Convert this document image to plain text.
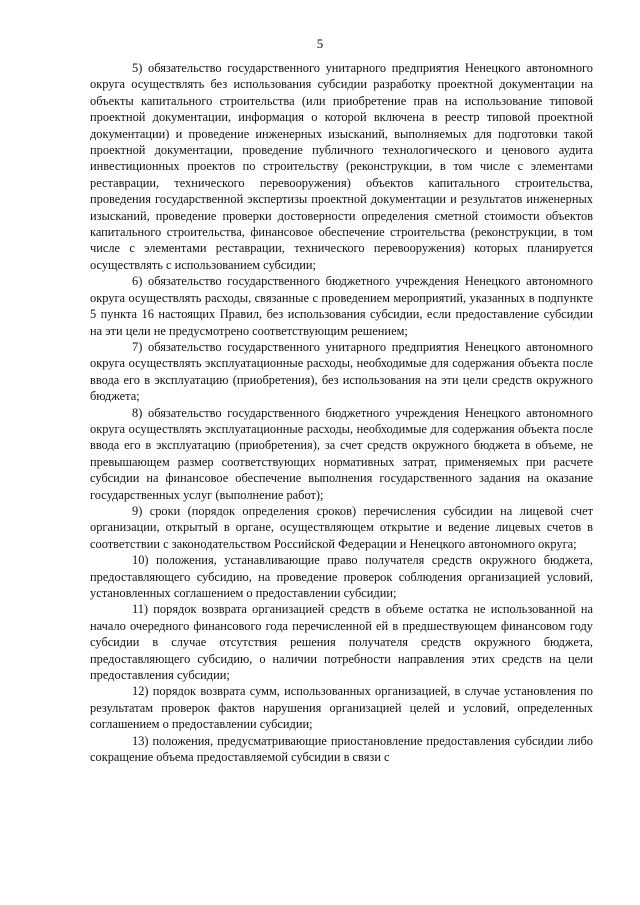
5

5) обязательство государственного унитарного предприятия Ненецкого автономного округа осуществлять без использования субсидии разработку проектной документации на объекты капитального строительства (или приобретение прав на использование типовой проектной документации, информация о которой включена в реестр типовой проектной документации) и проведение инженерных изысканий, выполняемых для подготовки такой проектной документации, проведение публичного технологического и ценового аудита инвестиционных проектов по строительству (реконструкции, в том числе с элементами реставрации, технического перевооружения) объектов капитального строительства, проведения государственной экспертизы проектной документации и результатов инженерных изысканий, проведение проверки достоверности определения сметной стоимости объектов капитального строительства, финансовое обеспечение строительства (реконструкции, в том числе с элементами реставрации, технического перевооружения) которых планируется осуществлять с использованием субсидии;

6) обязательство государственного бюджетного учреждения Ненецкого автономного округа осуществлять расходы, связанные с проведением мероприятий, указанных в подпункте 5 пункта 16 настоящих Правил, без использования субсидии, если предоставление субсидии на эти цели не предусмотрено соответствующим решением;

7) обязательство государственного унитарного предприятия Ненецкого автономного округа осуществлять эксплуатационные расходы, необходимые для содержания объекта после ввода его в эксплуатацию (приобретения), без использования на эти цели средств окружного бюджета;

8) обязательство государственного бюджетного учреждения Ненецкого автономного округа осуществлять эксплуатационные расходы, необходимые для содержания объекта после ввода его в эксплуатацию (приобретения), за счет средств окружного бюджета в объеме, не превышающем размер соответствующих нормативных затрат, применяемых при расчете субсидии на финансовое обеспечение выполнения государственного задания на оказание государственных услуг (выполнение работ);

9) сроки (порядок определения сроков) перечисления субсидии на лицевой счет организации, открытый в органе, осуществляющем открытие и ведение лицевых счетов в соответствии с законодательством Российской Федерации и Ненецкого автономного округа;

10) положения, устанавливающие право получателя средств окружного бюджета, предоставляющего субсидию, на проведение проверок соблюдения организацией условий, установленных соглашением о предоставлении субсидии;

11) порядок возврата организацией средств в объеме остатка не использованной на начало очередного финансового года перечисленной ей в предшествующем финансовом году субсидии в случае отсутствия решения получателя средств окружного бюджета, предоставляющего субсидию, о наличии потребности направления этих средств на цели предоставления субсидии;

12) порядок возврата сумм, использованных организацией, в случае установления по результатам проверок фактов нарушения организацией целей и условий, определенных соглашением о предоставлении субсидии;

13) положения, предусматривающие приостановление предоставления субсидии либо сокращение объема предоставляемой субсидии в связи с
